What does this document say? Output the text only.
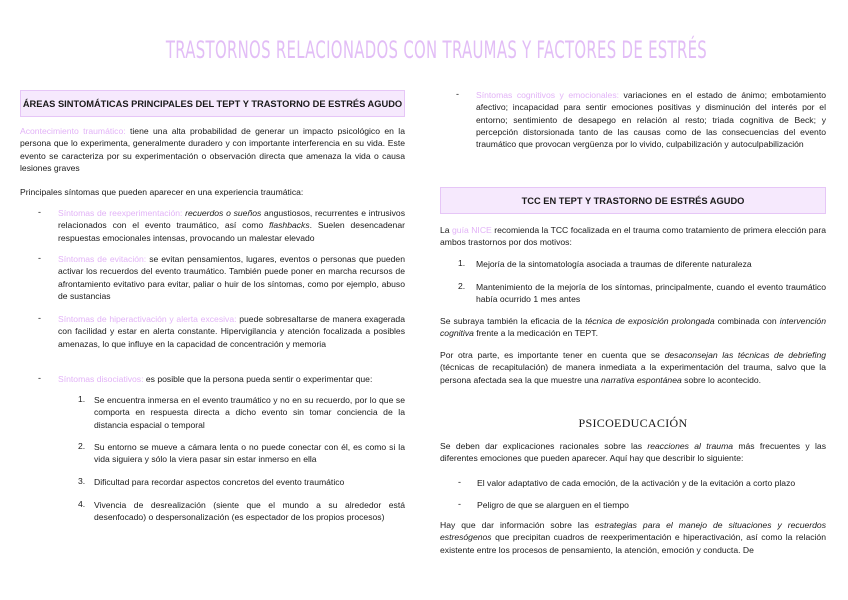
TRASTORNOS RELACIONADOS CON TRAUMAS Y FACTORES DE ESTRÉS
ÁREAS SINTOMÁTICAS PRINCIPALES DEL TEPT Y TRASTORNO DE ESTRÉS AGUDO
Acontecimiento traumático: tiene una alta probabilidad de generar un impacto psicológico en la persona que lo experimenta, generalmente duradero y con importante interferencia en su vida. Este evento se caracteriza por su experimentación o observación directa que amenaza la vida o causa lesiones graves
Principales síntomas que pueden aparecer en una experiencia traumática:
- Síntomas de reexperimentación: recuerdos o sueños angustiosos, recurrentes e intrusivos relacionados con el evento traumático, así como flashbacks. Suelen desencadenar respuestas emocionales intensas, provocando un malestar elevado
- Síntomas de evitación: se evitan pensamientos, lugares, eventos o personas que pueden activar los recuerdos del evento traumático. También puede poner en marcha recursos de afrontamiento evitativo para evitar, paliar o huir de los síntomas, como por ejemplo, abuso de sustancias
- Síntomas de hiperactivación y alerta excesiva: puede sobresaltarse de manera exagerada con facilidad y estar en alerta constante. Hipervigilancia y atención focalizada a posibles amenazas, lo que influye en la capacidad de concentración y memoria
- Síntomas disociativos: es posible que la persona pueda sentir o experimentar que:
1. Se encuentra inmersa en el evento traumático y no en su recuerdo, por lo que se comporta en respuesta directa a dicho evento sin tomar conciencia de la distancia espacial o temporal
2. Su entorno se mueve a cámara lenta o no puede conectar con él, es como si la vida siguiera y sólo la viera pasar sin estar inmerso en ella
3. Dificultad para recordar aspectos concretos del evento traumático
4. Vivencia de desrealización (siente que el mundo a su alrededor está desenfocado) o despersonalización (es espectador de los propios procesos)
- Síntomas cognitivos y emocionales: variaciones en el estado de ánimo; embotamiento afectivo; incapacidad para sentir emociones positivas y disminución del interés por el entorno; sentimiento de desapego en relación al resto; triada cognitiva de Beck; y percepción distorsionada tanto de las causas como de las consecuencias del evento traumático que provocan vergüenza por lo vivido, culpabilización y autoculpabilización
TCC EN TEPT Y TRASTORNO DE ESTRÉS AGUDO
La guía NICE recomienda la TCC focalizada en el trauma como tratamiento de primera elección para ambos trastornos por dos motivos:
1. Mejoría de la sintomatología asociada a traumas de diferente naturaleza
2. Mantenimiento de la mejoría de los síntomas, principalmente, cuando el evento traumático había ocurrido 1 mes antes
Se subraya también la eficacia de la técnica de exposición prolongada combinada con intervención cognitiva frente a la medicación en TEPT.
Por otra parte, es importante tener en cuenta que se desaconsejan las técnicas de debriefing (técnicas de recapitulación) de manera inmediata a la experimentación del trauma, salvo que la persona afectada sea la que muestre una narrativa espontánea sobre lo acontecido.
PSICOEDUCACIÓN
Se deben dar explicaciones racionales sobre las reacciones al trauma más frecuentes y las diferentes emociones que pueden aparecer. Aquí hay que describir lo siguiente:
- El valor adaptativo de cada emoción, de la activación y de la evitación a corto plazo
- Peligro de que se alarguen en el tiempo
Hay que dar información sobre las estrategias para el manejo de situaciones y recuerdos estresógenos que precipitan cuadros de reexperimentación e hiperactivación, así como la relación existente entre los procesos de pensamiento, la atención, emoción y conducta. De
